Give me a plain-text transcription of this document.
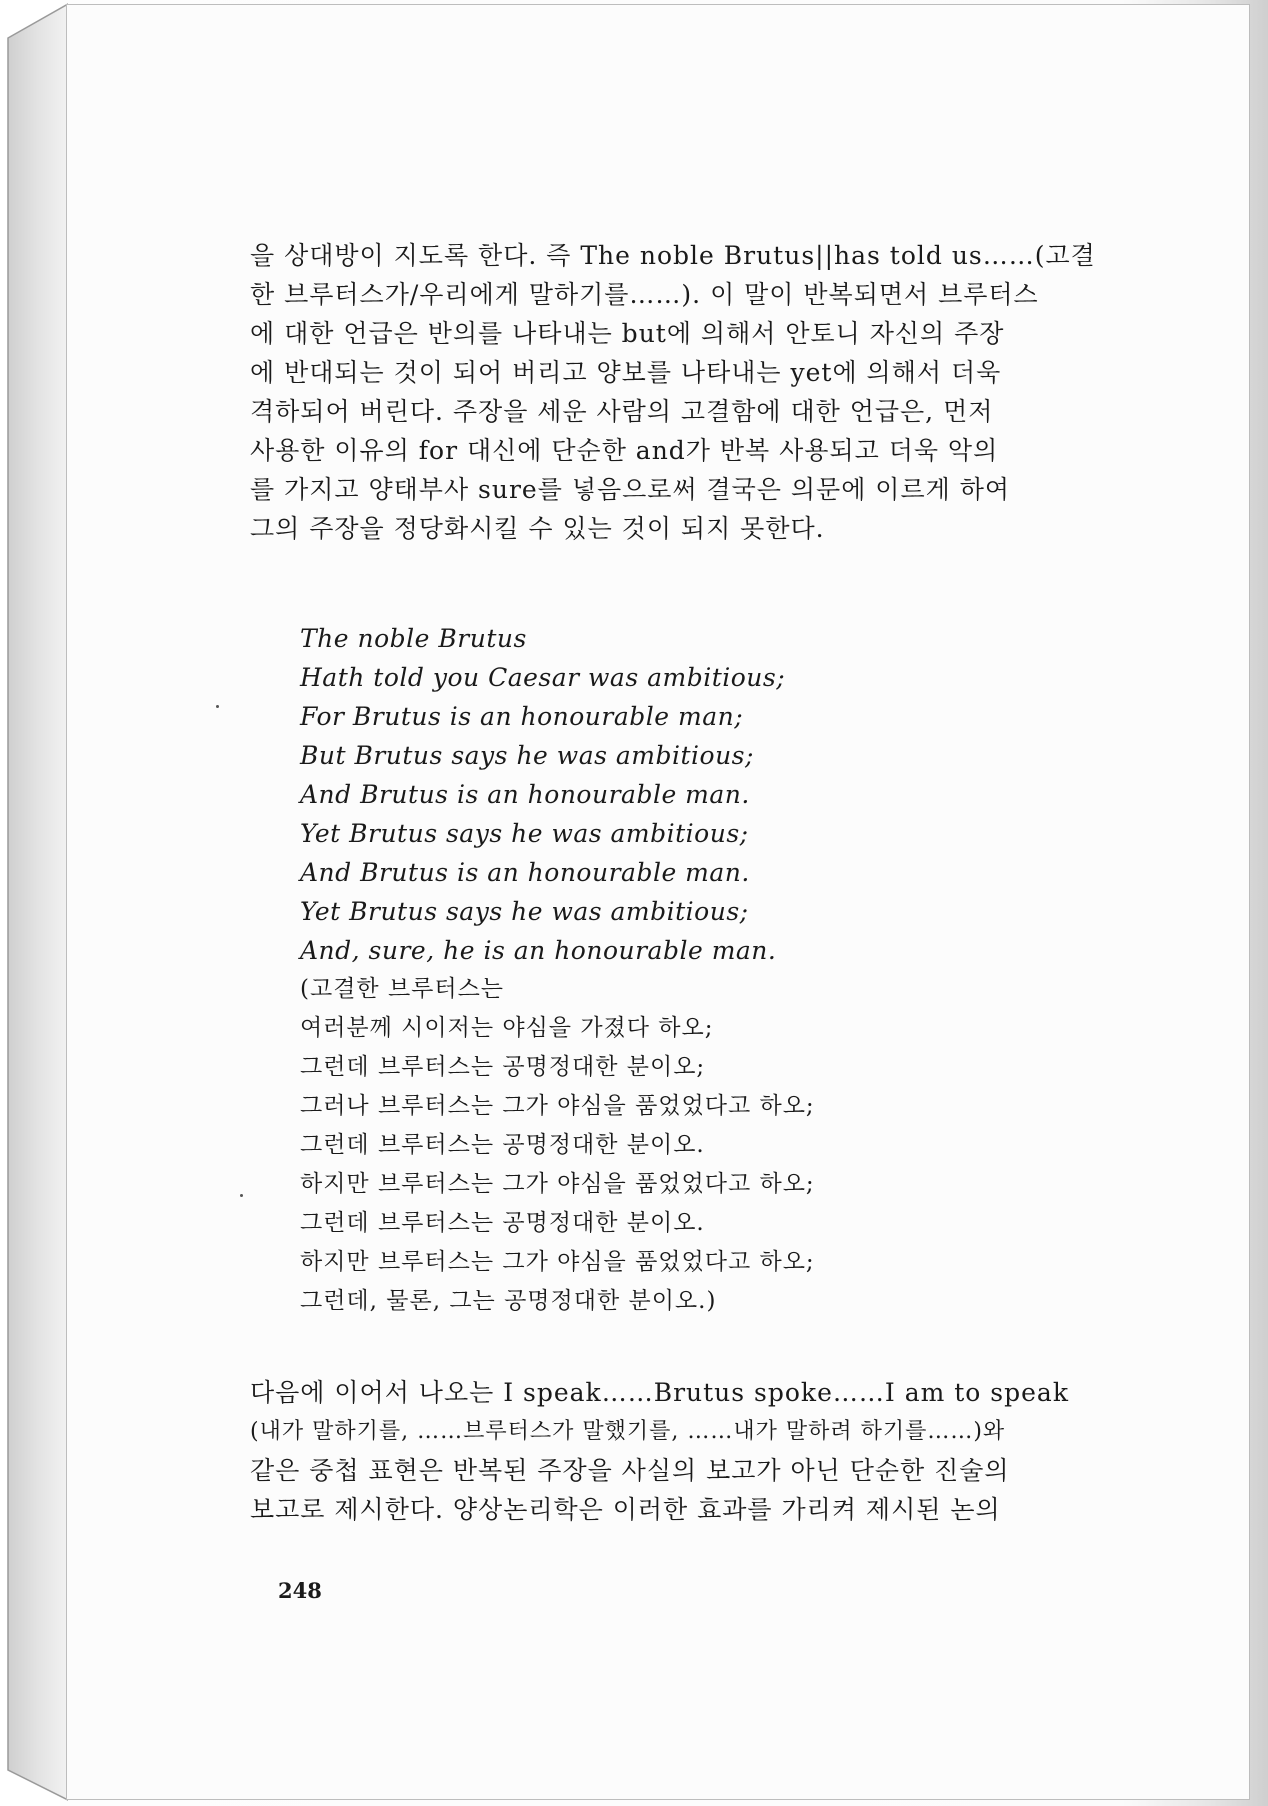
을 상대방이 지도록 한다. 즉 The noble Brutus||has told us……(고결
한 브루터스가/우리에게 말하기를……). 이 말이 반복되면서 브루터스
에 대한 언급은 반의를 나타내는 but에 의해서 안토니 자신의 주장
에 반대되는 것이 되어 버리고 양보를 나타내는 yet에 의해서 더욱
격하되어 버린다. 주장을 세운 사람의 고결함에 대한 언급은, 먼저
사용한 이유의 for 대신에 단순한 and가 반복 사용되고 더욱 악의
를 가지고 양태부사 sure를 넣음으로써 결국은 의문에 이르게 하여
그의 주장을 정당화시킬 수 있는 것이 되지 못한다.
The noble Brutus
Hath told you Caesar was ambitious;
For Brutus is an honourable man;
But Brutus says he was ambitious;
And Brutus is an honourable man.
Yet Brutus says he was ambitious;
And Brutus is an honourable man.
Yet Brutus says he was ambitious;
And, sure, he is an honourable man.
(고결한 브루터스는
여러분께 시이저는 야심을 가졌다 하오;
그런데 브루터스는 공명정대한 분이오;
그러나 브루터스는 그가 야심을 품었었다고 하오;
그런데 브루터스는 공명정대한 분이오.
하지만 브루터스는 그가 야심을 품었었다고 하오;
그런데 브루터스는 공명정대한 분이오.
하지만 브루터스는 그가 야심을 품었었다고 하오;
그런데, 물론, 그는 공명정대한 분이오.)
다음에 이어서 나오는 I speak……Brutus spoke……I am to speak
(내가 말하기를, ……브루터스가 말했기를, ……내가 말하려 하기를……)와
같은 중첩 표현은 반복된 주장을 사실의 보고가 아닌 단순한 진술의
보고로 제시한다. 양상논리학은 이러한 효과를 가리켜 제시된 논의
248
